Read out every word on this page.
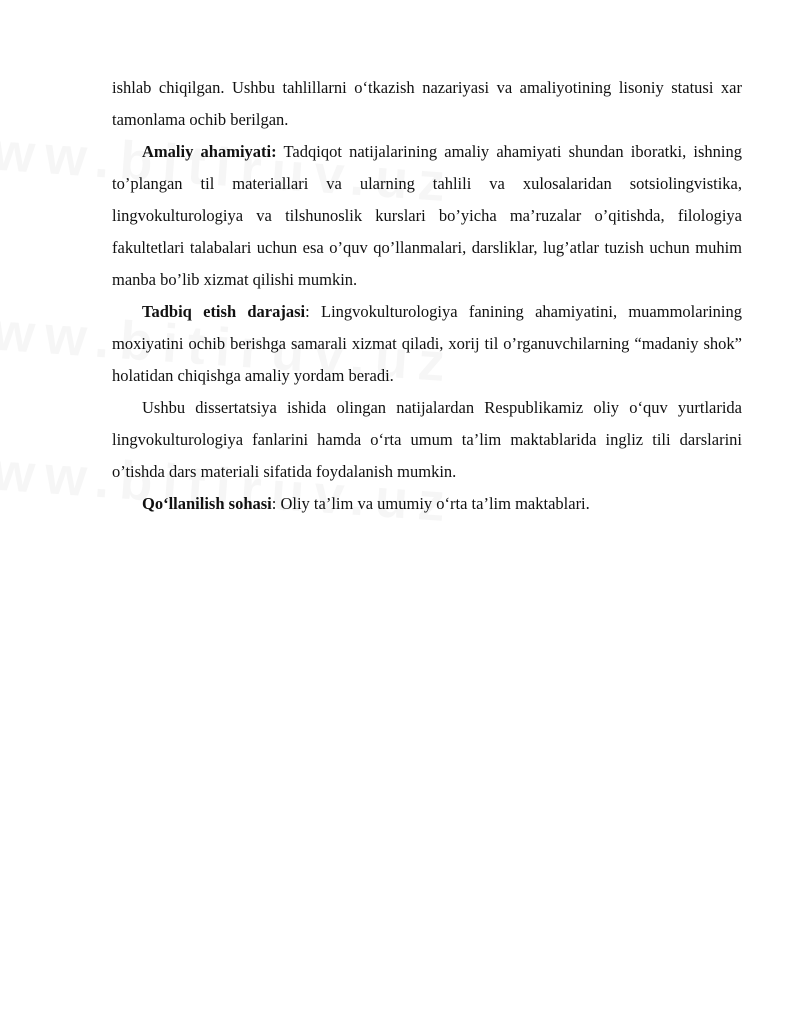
ishlab chiqilgan. Ushbu tahlillarni o‘tkazish nazariyasi va amaliyotining lisoniy statusi xar tamonlama ochib berilgan.

Amaliy ahamiyati: Tadqiqot natijalarining amaliy ahamiyati shundan iboratki, ishning to’plangan til materiallari va ularning tahlili va xulosalaridan sotsiolingvistika, lingvokulturologiya va tilshunoslik kurslari bo’yicha ma’ruzalar o’qitishda, filologiya fakultetlari talabalari uchun esa o’quv qo’llanmalari, darsliklar, lug’atlar tuzish uchun muhim manba bo’lib xizmat qilishi mumkin.

Tadbiq etish darajasi: Lingvokulturologiya fanining ahamiyatini, muammolarining moxiyatini ochib berishga samarali xizmat qiladi, xorij til o’rganuvchilarning “madaniy shok” holatidan chiqishga amaliy yordam beradi.

Ushbu dissertatsiya ishida olingan natijalardan Respublikamiz oliy o‘quv yurtlarida lingvokulturologiya fanlarini hamda o‘rta umum ta’lim maktablarida ingliz tili darslarini o’tishda dars materiali sifatida foydalanish mumkin.

Qo‘llanilish sohasi: Oliy ta’lim va umumiy o‘rta ta’lim maktablari.
